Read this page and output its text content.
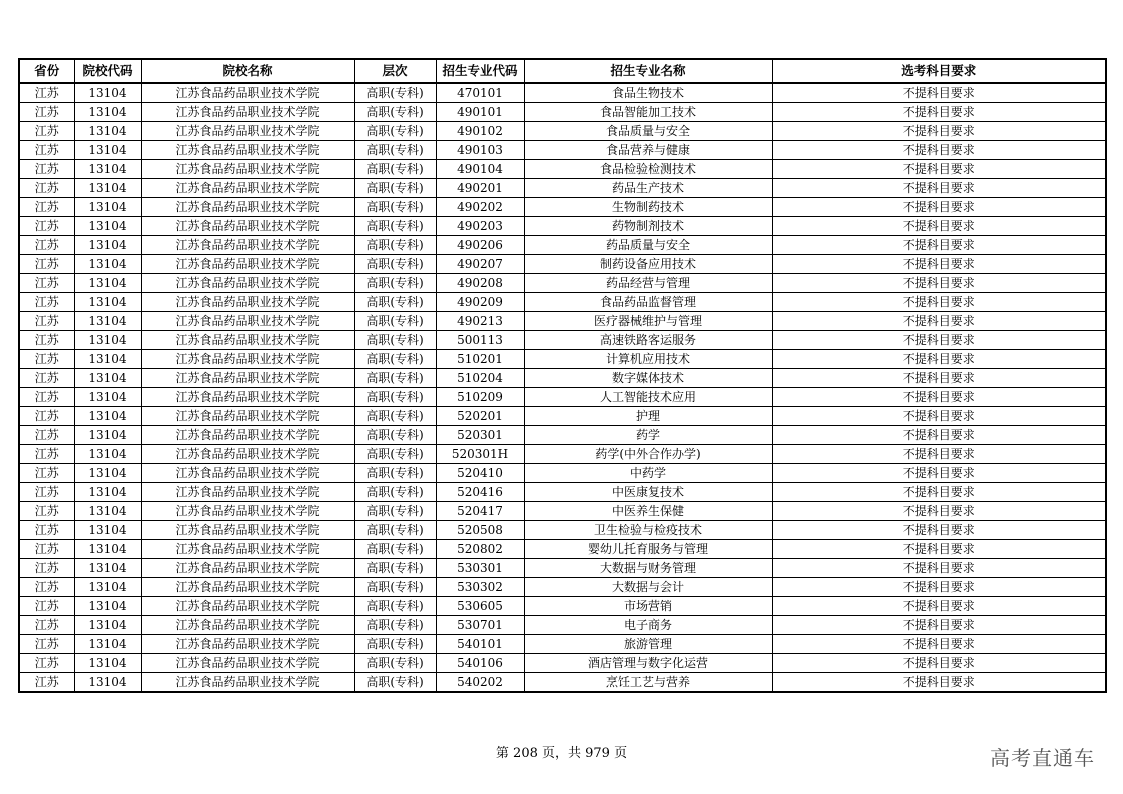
省份	院校代码	院校名称	层次	招生专业代码	招生专业名称	选考科目要求
江苏	13104	江苏食品药品职业技术学院	高职(专科)	470101	食品生物技术	不提科目要求
江苏	13104	江苏食品药品职业技术学院	高职(专科)	490101	食品智能加工技术	不提科目要求
江苏	13104	江苏食品药品职业技术学院	高职(专科)	490102	食品质量与安全	不提科目要求
江苏	13104	江苏食品药品职业技术学院	高职(专科)	490103	食品营养与健康	不提科目要求
江苏	13104	江苏食品药品职业技术学院	高职(专科)	490104	食品检验检测技术	不提科目要求
江苏	13104	江苏食品药品职业技术学院	高职(专科)	490201	药品生产技术	不提科目要求
江苏	13104	江苏食品药品职业技术学院	高职(专科)	490202	生物制药技术	不提科目要求
江苏	13104	江苏食品药品职业技术学院	高职(专科)	490203	药物制剂技术	不提科目要求
江苏	13104	江苏食品药品职业技术学院	高职(专科)	490206	药品质量与安全	不提科目要求
江苏	13104	江苏食品药品职业技术学院	高职(专科)	490207	制药设备应用技术	不提科目要求
江苏	13104	江苏食品药品职业技术学院	高职(专科)	490208	药品经营与管理	不提科目要求
江苏	13104	江苏食品药品职业技术学院	高职(专科)	490209	食品药品监督管理	不提科目要求
江苏	13104	江苏食品药品职业技术学院	高职(专科)	490213	医疗器械维护与管理	不提科目要求
江苏	13104	江苏食品药品职业技术学院	高职(专科)	500113	高速铁路客运服务	不提科目要求
江苏	13104	江苏食品药品职业技术学院	高职(专科)	510201	计算机应用技术	不提科目要求
江苏	13104	江苏食品药品职业技术学院	高职(专科)	510204	数字媒体技术	不提科目要求
江苏	13104	江苏食品药品职业技术学院	高职(专科)	510209	人工智能技术应用	不提科目要求
江苏	13104	江苏食品药品职业技术学院	高职(专科)	520201	护理	不提科目要求
江苏	13104	江苏食品药品职业技术学院	高职(专科)	520301	药学	不提科目要求
江苏	13104	江苏食品药品职业技术学院	高职(专科)	520301H	药学(中外合作办学)	不提科目要求
江苏	13104	江苏食品药品职业技术学院	高职(专科)	520410	中药学	不提科目要求
江苏	13104	江苏食品药品职业技术学院	高职(专科)	520416	中医康复技术	不提科目要求
江苏	13104	江苏食品药品职业技术学院	高职(专科)	520417	中医养生保健	不提科目要求
江苏	13104	江苏食品药品职业技术学院	高职(专科)	520508	卫生检验与检疫技术	不提科目要求
江苏	13104	江苏食品药品职业技术学院	高职(专科)	520802	婴幼儿托育服务与管理	不提科目要求
江苏	13104	江苏食品药品职业技术学院	高职(专科)	530301	大数据与财务管理	不提科目要求
江苏	13104	江苏食品药品职业技术学院	高职(专科)	530302	大数据与会计	不提科目要求
江苏	13104	江苏食品药品职业技术学院	高职(专科)	530605	市场营销	不提科目要求
江苏	13104	江苏食品药品职业技术学院	高职(专科)	530701	电子商务	不提科目要求
江苏	13104	江苏食品药品职业技术学院	高职(专科)	540101	旅游管理	不提科目要求
江苏	13104	江苏食品药品职业技术学院	高职(专科)	540106	酒店管理与数字化运营	不提科目要求
江苏	13104	江苏食品药品职业技术学院	高职(专科)	540202	烹饪工艺与营养	不提科目要求
第 208 页，共 979 页	高考直通车
